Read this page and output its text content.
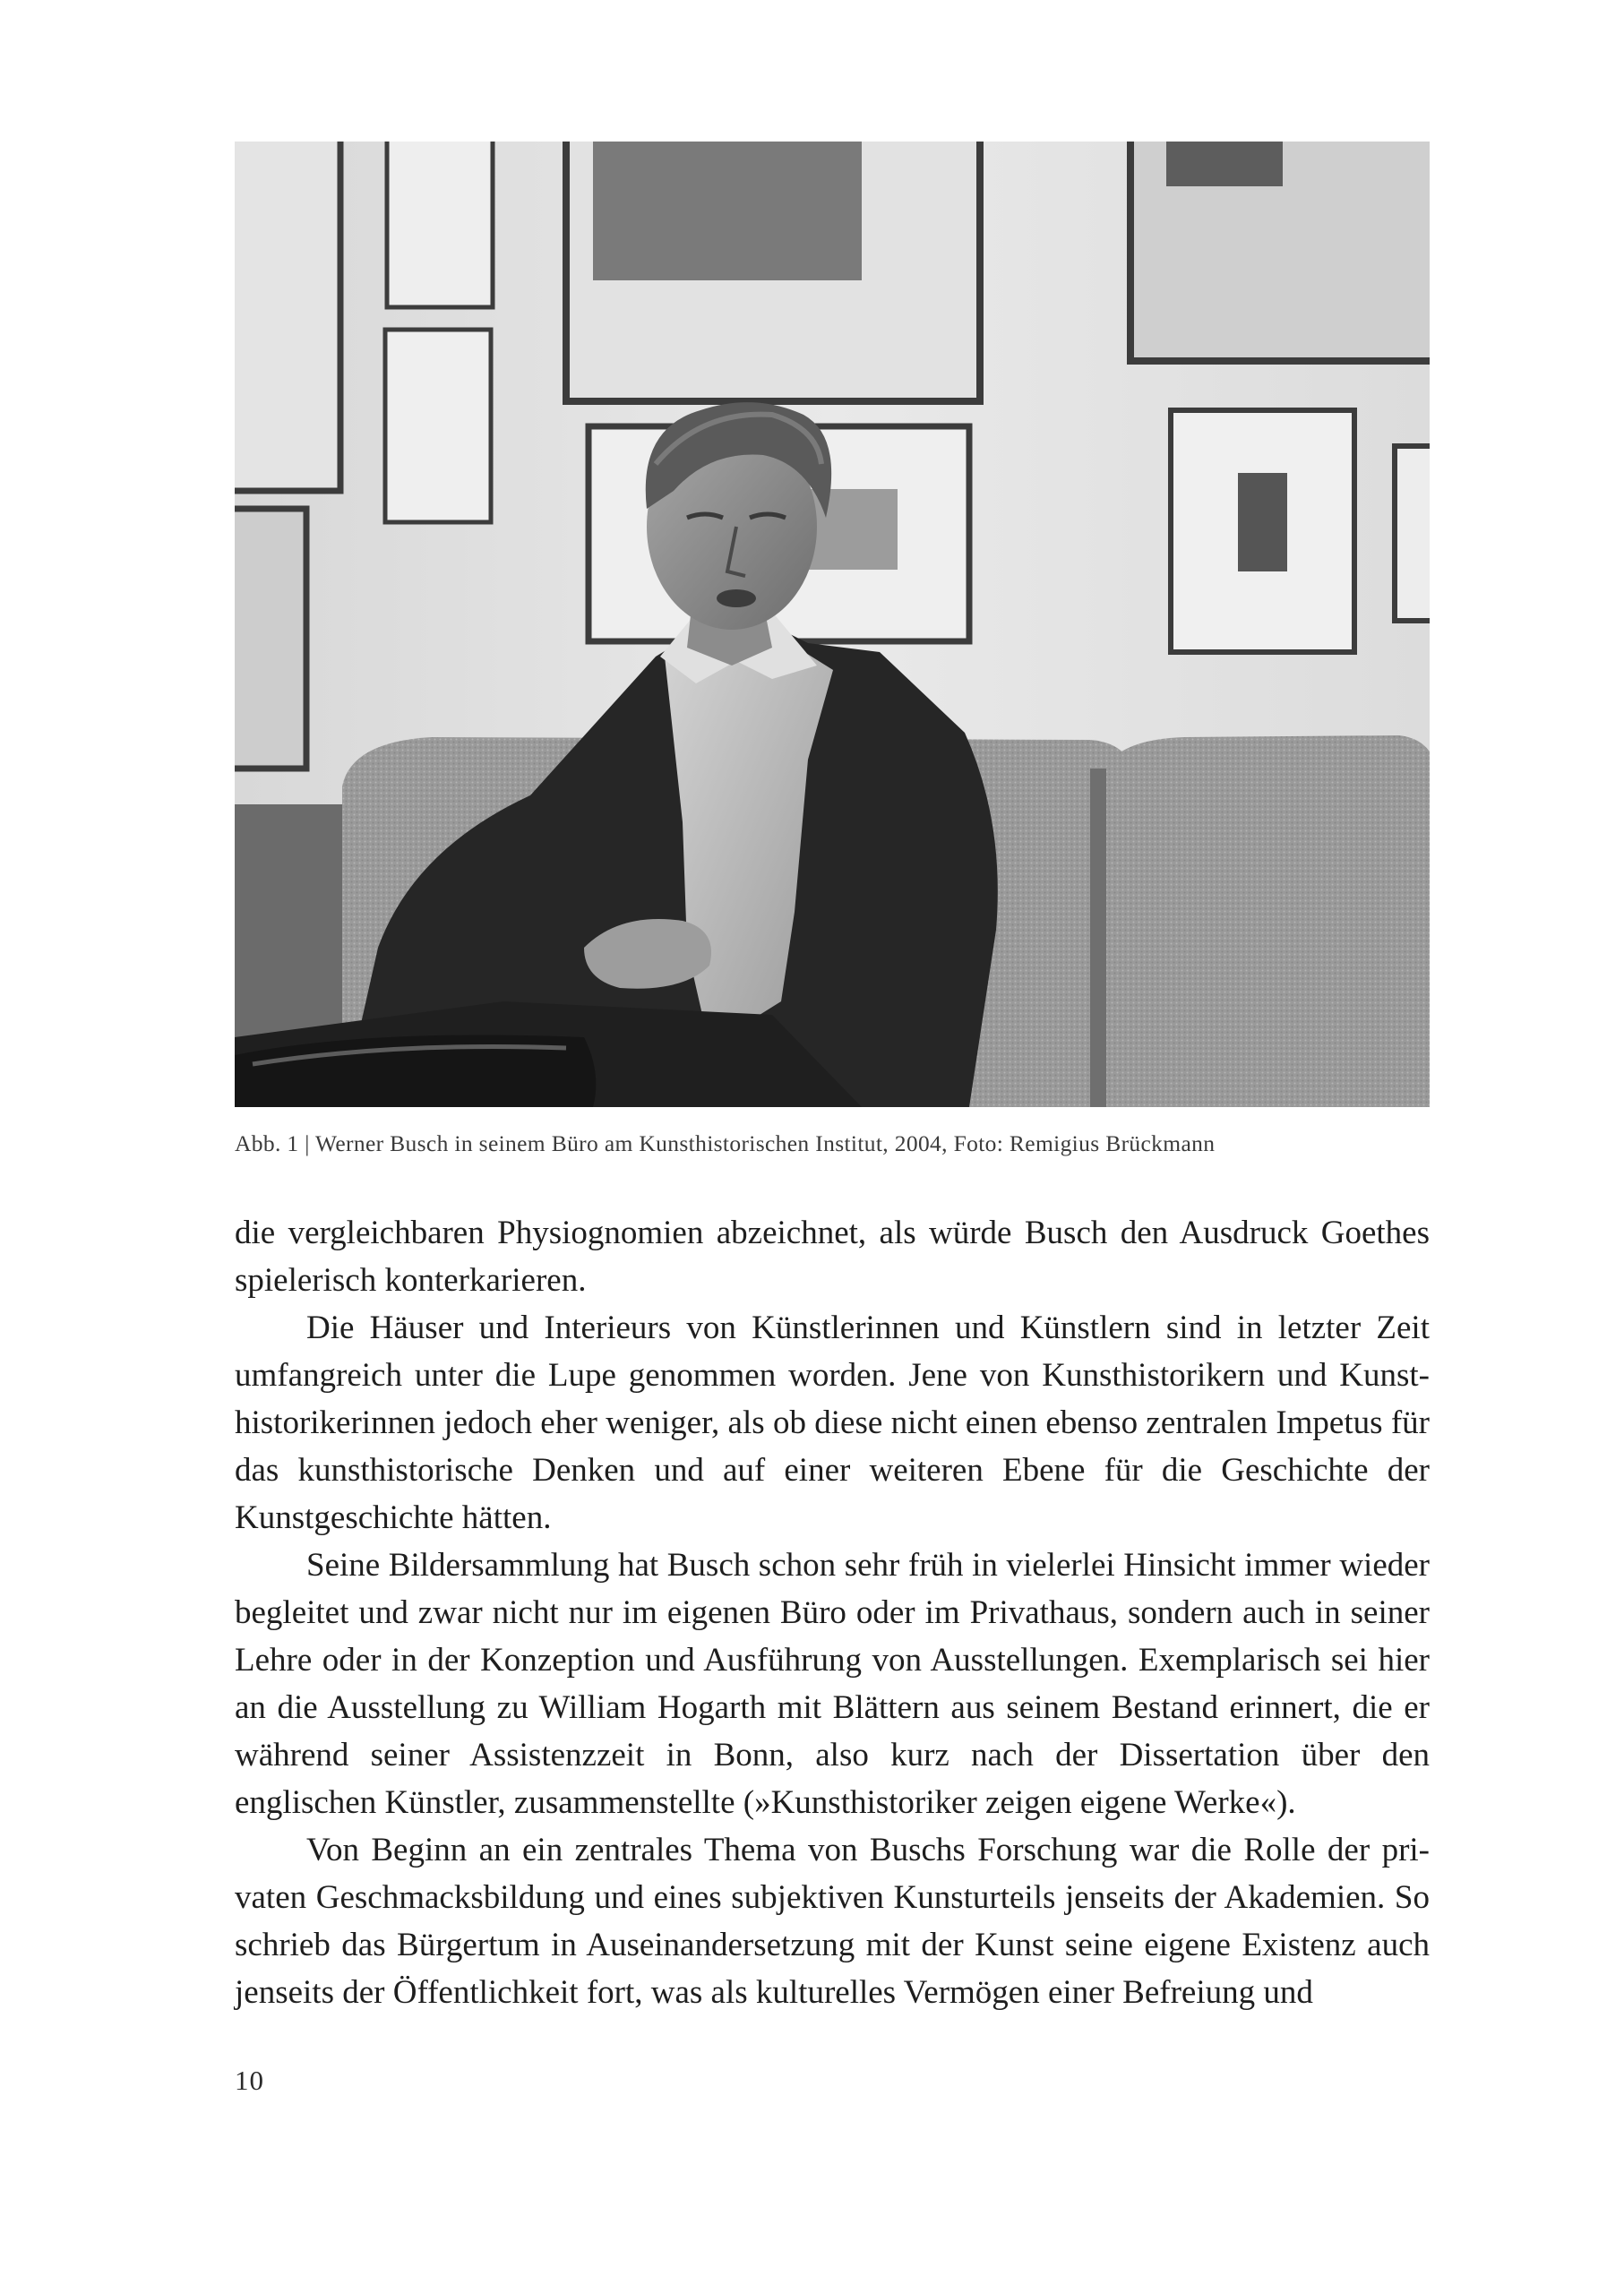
Abb. 1 | Werner Busch in seinem Büro am Kunsthistorischen Institut, 2004, Foto: Remigius Brückmann

die vergleichbaren Physiognomien abzeichnet, als würde Busch den Ausdruck Goethes spielerisch konterkarieren.

Die Häuser und Interieurs von Künstlerinnen und Künstlern sind in letzter Zeit umfangreich unter die Lupe genommen worden. Jene von Kunsthistorikern und Kunsthistorikerinnen jedoch eher weniger, als ob diese nicht einen ebenso zentralen Impetus für das kunsthistorische Denken und auf einer weiteren Ebene für die Geschichte der Kunstgeschichte hätten.

Seine Bildersammlung hat Busch schon sehr früh in vielerlei Hinsicht immer wieder begleitet und zwar nicht nur im eigenen Büro oder im Privathaus, sondern auch in seiner Lehre oder in der Konzeption und Ausführung von Ausstellungen. Exemplarisch sei hier an die Ausstellung zu William Hogarth mit Blättern aus seinem Bestand erinnert, die er während seiner Assistenzzeit in Bonn, also kurz nach der Dissertation über den englischen Künstler, zusammenstellte (»Kunsthistoriker zeigen eigene Werke«).

Von Beginn an ein zentrales Thema von Buschs Forschung war die Rolle der privaten Geschmacksbildung und eines subjektiven Kunsturteils jenseits der Akademien. So schrieb das Bürgertum in Auseinandersetzung mit der Kunst seine eigene Existenz auch jenseits der Öffentlichkeit fort, was als kulturelles Vermögen einer Befreiung und

10
